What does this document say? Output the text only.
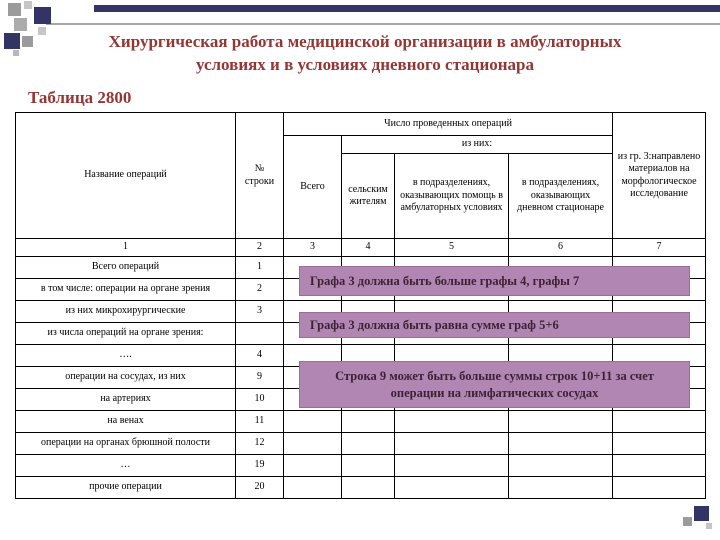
Хирургическая работа медицинской организации в амбулаторных
условиях и в условиях дневного стационара
Таблица 2800
Название операций	№ строки	Число проведенных операций				из гр. 3:направлено материалов на морфологическое исследование
		Всего	из них:			
			сельским жителям	в подразделениях, оказывающих помощь в амбулаторных условиях	в подразделениях, оказывающих дневном стационаре	
1	2	3	4	5	6	7
Всего операций	1					
в том числе: операции на органе зрения	2					
из них микрохирургические	3					
из числа операций на органе зрения:						
….	4					
операции на сосудах, из них	9					
на артериях	10					
на венах	11					
операции на органах брюшной полости	12					
…	19					
прочие операции	20					
Графа 3 должна быть больше графы 4, графы 7
Графа 3 должна быть равна сумме граф 5+6
Строка 9 может быть больше суммы строк 10+11 за счет операции на лимфатических сосудах
